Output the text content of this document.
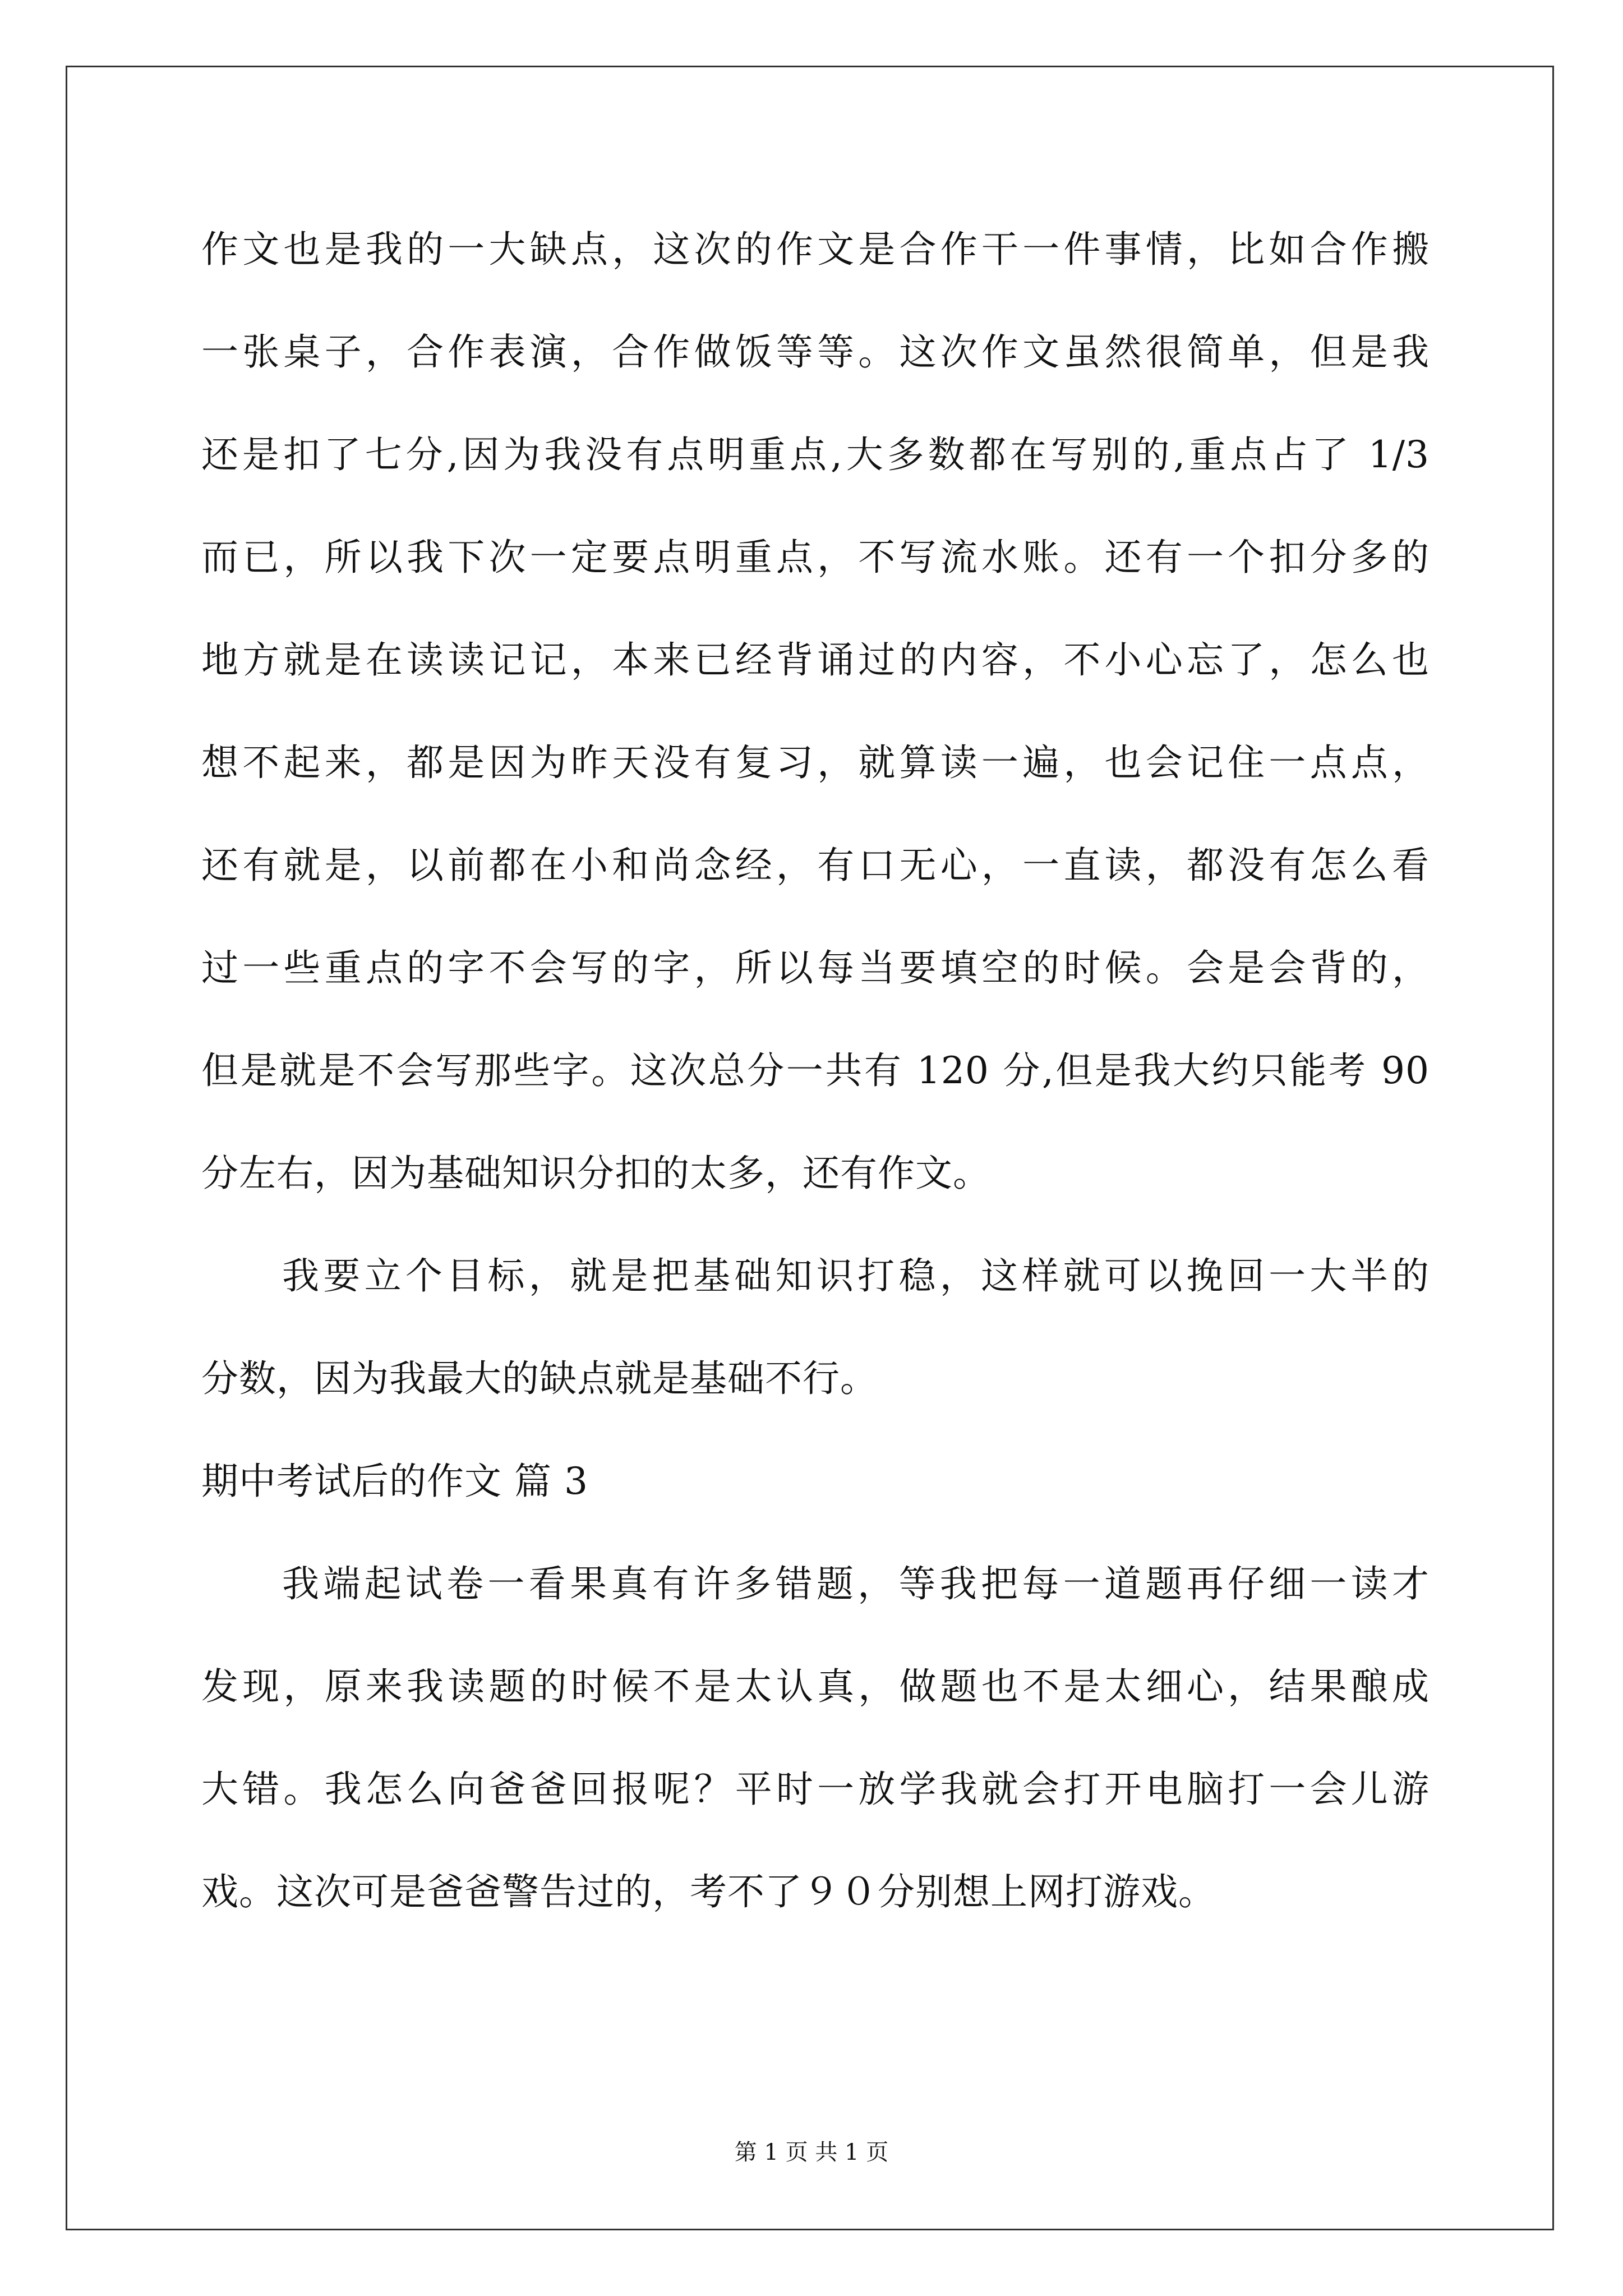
作文也是我的一大缺点，这次的作文是合作干一件事情，比如合作搬
一张桌子，合作表演，合作做饭等等。这次作文虽然很简单，但是我
还是扣了七分,因为我没有点明重点,大多数都在写别的,重点占了 1/3
而已，所以我下次一定要点明重点，不写流水账。还有一个扣分多的
地方就是在读读记记，本来已经背诵过的内容，不小心忘了，怎么也
想不起来，都是因为昨天没有复习，就算读一遍，也会记住一点点，
还有就是，以前都在小和尚念经，有口无心，一直读，都没有怎么看
过一些重点的字不会写的字，所以每当要填空的时候。会是会背的，
但是就是不会写那些字。这次总分一共有 120 分,但是我大约只能考 90
分左右，因为基础知识分扣的太多，还有作文。
我要立个目标，就是把基础知识打稳，这样就可以挽回一大半的
分数，因为我最大的缺点就是基础不行。
期中考试后的作文 篇 3
我端起试卷一看果真有许多错题，等我把每一道题再仔细一读才
发现，原来我读题的时候不是太认真，做题也不是太细心，结果酿成
大错。我怎么向爸爸回报呢？平时一放学我就会打开电脑打一会儿游
戏。这次可是爸爸警告过的，考不了９０分别想上网打游戏。
第 1 页 共 1 页
